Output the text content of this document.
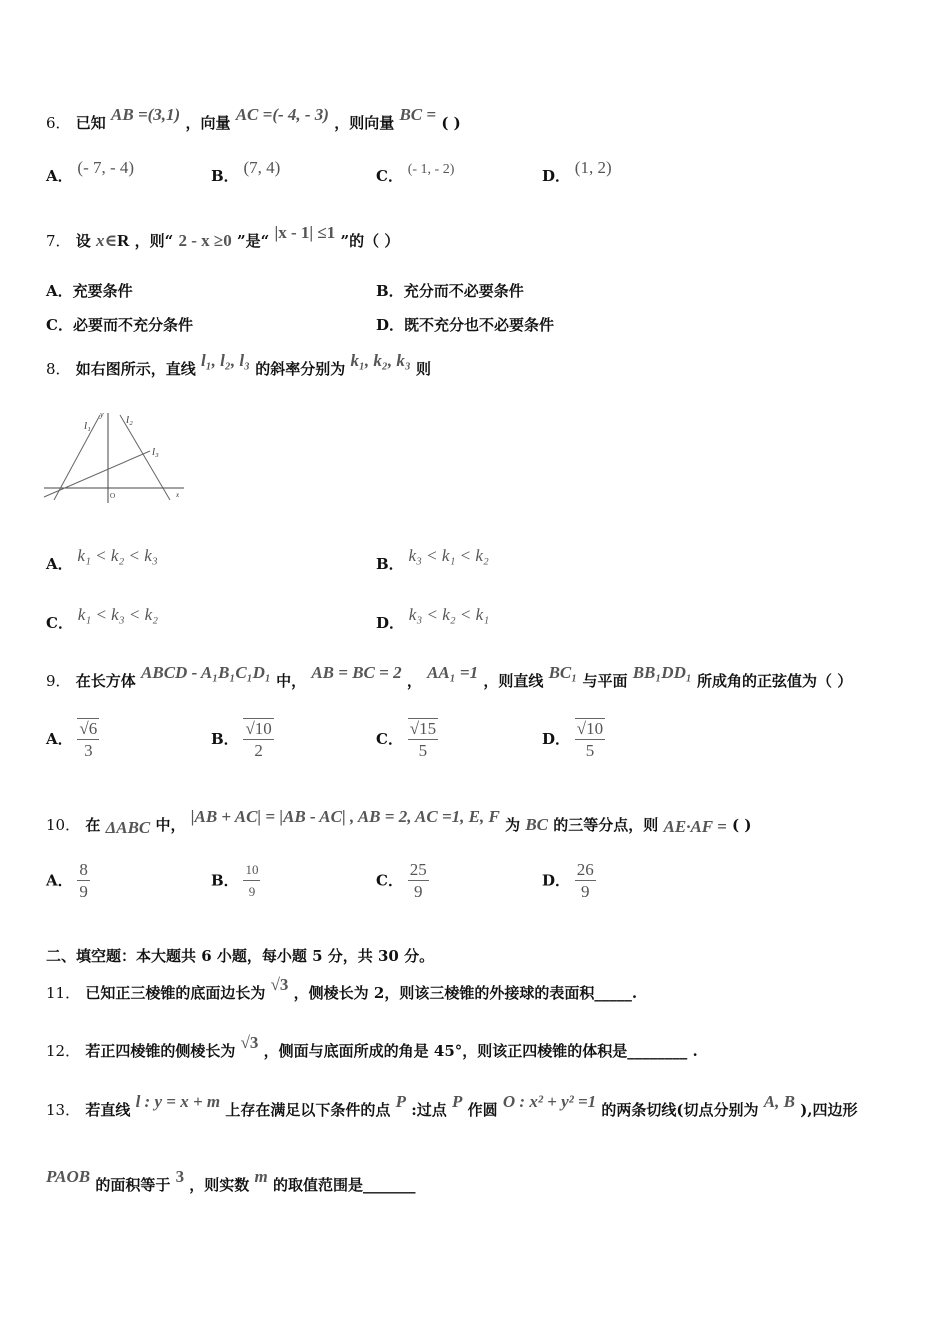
6． 已知 AB =(3,1) ，向量 AC =(- 4, - 3) ，则向量 BC = ( )
A． (- 7, - 4)	B． (7, 4)	C． (- 1, - 2)	D． (1, 2)
7． 设 x∈R ，则“ 2 - x ≥0 ”是“ |x - 1| ≤1 ”的（ ）
A．充要条件	B．充分而不必要条件
C．必要而不充分条件	D．既不充分也不必要条件
8． 如右图所示，直线 l₁, l₂, l₃ 的斜率分别为 k₁, k₂, k₃ 则
l₁	l₂
l₃
y
x
O
A． k₁ < k₂ < k₃	B． k₃ < k₁ < k₂
C． k₁ < k₃ < k₂	D． k₃ < k₂ < k₁
9． 在长方体 ABCD - A₁B₁C₁D₁ 中， AB = BC = 2 ， AA₁ =1 ，则直线 BC₁ 与平面 BB₁DD₁ 所成角的正弦值为（ ）
A． $\frac{√6}{3}$	B． $\frac{√10}{2}$	C． $\frac{√15}{5}$	D． $\frac{√10}{5}$
10． 在 ΔABC 中， |AB + AC| = |AB - AC| , AB = 2, AC =1, E, F 为 BC 的三等分点，则 AE·AF = ( )
A． $\frac{8}{9}$	B． $\frac{10}{9}$	C． $\frac{25}{9}$	D． $\frac{26}{9}$
二、填空题：本大题共 6 小题，每小题 5 分，共 30 分。
11． 已知正三棱锥的底面边长为 √3 ，侧棱长为 2，则该三棱锥的外接球的表面积_____.
12． 若正四棱锥的侧棱长为 √3 ，侧面与底面所成的角是 45°，则该正四棱锥的体积是________ .
13． 若直线 l : y = x + m 上存在满足以下条件的点 P :过点 P 作圆 O : x² + y² =1 的两条切线(切点分别为 A, B ),四边形
PAOB 的面积等于 3 ，则实数 m 的取值范围是_______
